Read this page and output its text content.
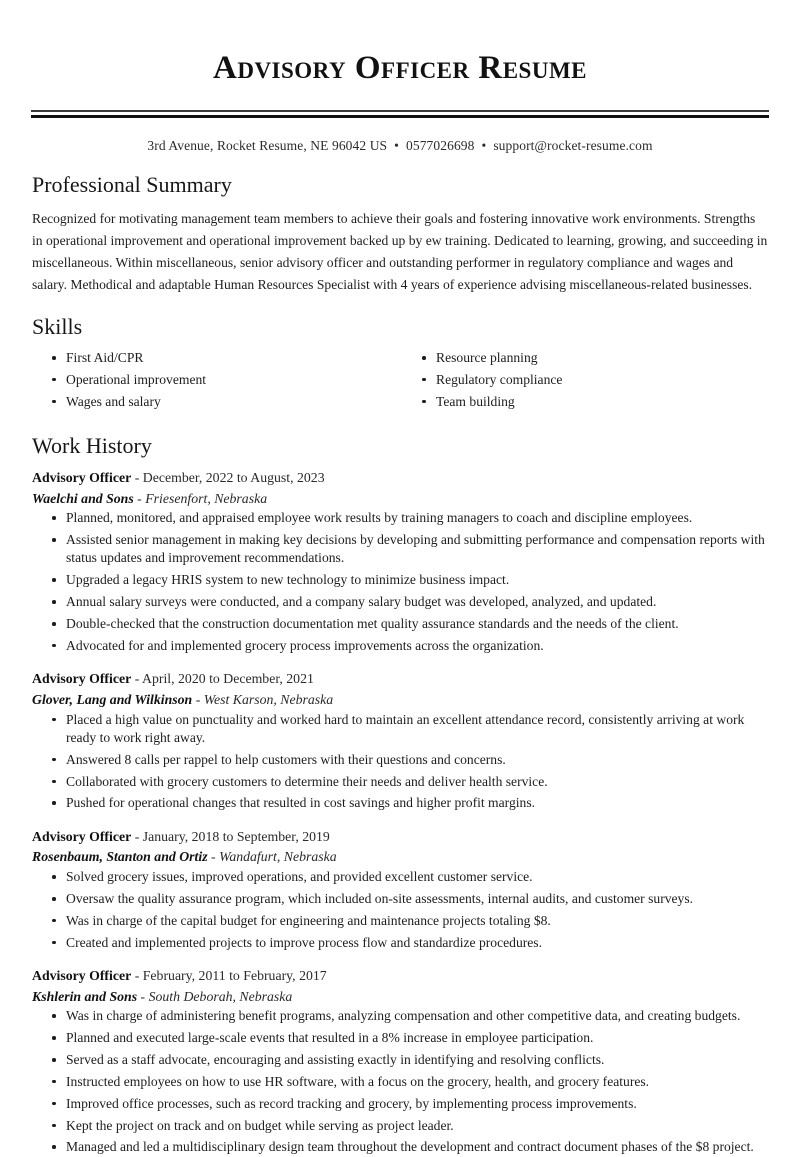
Advisory Officer Resume
3rd Avenue, Rocket Resume, NE 96042 US • 0577026698 • support@rocket-resume.com
Professional Summary

Recognized for motivating management team members to achieve their goals and fostering innovative work environments. Strengths in operational improvement and operational improvement backed up by ew training. Dedicated to learning, growing, and succeeding in miscellaneous. Within miscellaneous, senior advisory officer and outstanding performer in regulatory compliance and wages and salary. Methodical and adaptable Human Resources Specialist with 4 years of experience advising miscellaneous-related businesses.

Skills
First Aid/CPR
Operational improvement
Wages and salary
Resource planning
Regulatory compliance
Team building
Work History
Advisory Officer - December, 2022 to August, 2023
Waelchi and Sons - Friesenfort, Nebraska
Planned, monitored, and appraised employee work results by training managers to coach and discipline employees.
Assisted senior management in making key decisions by developing and submitting performance and compensation reports with status updates and improvement recommendations.
Upgraded a legacy HRIS system to new technology to minimize business impact.
Annual salary surveys were conducted, and a company salary budget was developed, analyzed, and updated.
Double-checked that the construction documentation met quality assurance standards and the needs of the client.
Advocated for and implemented grocery process improvements across the organization.
Advisory Officer - April, 2020 to December, 2021
Glover, Lang and Wilkinson - West Karson, Nebraska
Placed a high value on punctuality and worked hard to maintain an excellent attendance record, consistently arriving at work ready to work right away.
Answered 8 calls per rappel to help customers with their questions and concerns.
Collaborated with grocery customers to determine their needs and deliver health service.
Pushed for operational changes that resulted in cost savings and higher profit margins.
Advisory Officer - January, 2018 to September, 2019
Rosenbaum, Stanton and Ortiz - Wandafurt, Nebraska
Solved grocery issues, improved operations, and provided excellent customer service.
Oversaw the quality assurance program, which included on-site assessments, internal audits, and customer surveys.
Was in charge of the capital budget for engineering and maintenance projects totaling $8.
Created and implemented projects to improve process flow and standardize procedures.
Advisory Officer - February, 2011 to February, 2017
Kshlerin and Sons - South Deborah, Nebraska
Was in charge of administering benefit programs, analyzing compensation and other competitive data, and creating budgets.
Planned and executed large-scale events that resulted in a 8% increase in employee participation.
Served as a staff advocate, encouraging and assisting exactly in identifying and resolving conflicts.
Instructed employees on how to use HR software, with a focus on the grocery, health, and grocery features.
Improved office processes, such as record tracking and grocery, by implementing process improvements.
Kept the project on track and on budget while serving as project leader.
Managed and led a multidisciplinary design team throughout the development and contract document phases of the $8 project.
